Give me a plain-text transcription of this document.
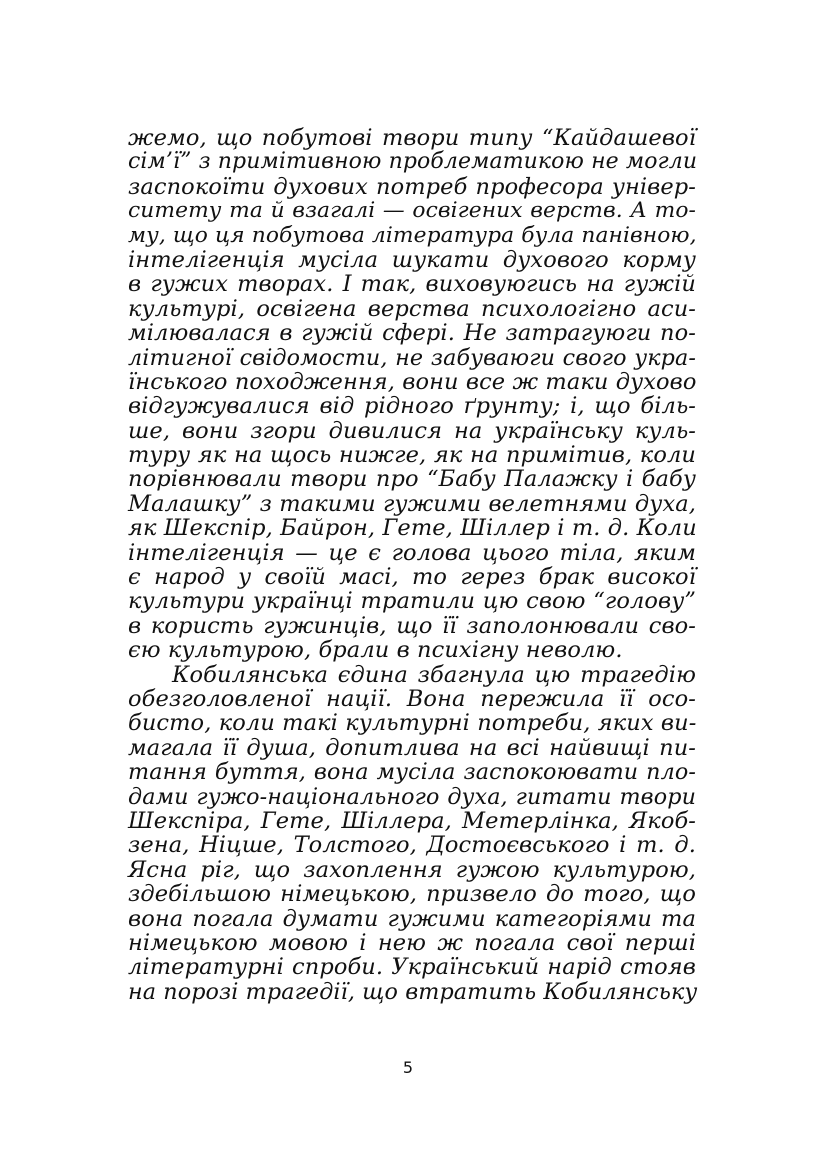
жемо, що побутові твори типу “Кайдашевої
сім’ї” з примітивною проблематикою не могли
заспокоїти духових потреб професора універ-
ситету та й взагалі — освігених верств. А то-
му, що ця побутова література була панівною,
інтелігенція мусіла шукати духового корму
в гужих творах. І так, виховуюгись на гужій
культурі, освігена верства психологігно аси-
мілювалася в гужій сфері. Не затрагуюги по-
літигної свідомости, не забуваюги свого укра-
їнського походження, вони все ж таки духово
відгужувалися від рідного ґрунту; і, що біль-
ше, вони згори дивилися на українську куль-
туру як на щось нижге, як на примітив, коли
порівнювали твори про “Бабу Палажку і бабу
Малашку” з такими гужими велетнями духа,
як Шекспір, Байрон, Гете, Шіллер і т. д. Коли
інтелігенція — це є голова цього тіла, яким
є народ у своїй масі, то герез брак високої
культури українці тратили цю свою “голову”
в користь гужинців, що її заполонювали сво-
єю культурою, брали в психігну неволю.
Кобилянська єдина збагнула цю трагедію
обезголовленої нації. Вона пережила її осо-
бисто, коли такі культурні потреби, яких ви-
магала її душа, допитлива на всі найвищі пи-
тання буття, вона мусіла заспокоювати пло-
дами гужо-національного духа, гитати твори
Шекспіра, Гете, Шіллера, Метерлінка, Якоб-
зена, Ніцше, Толстого, Достоєвського і т. д.
Ясна ріг, що захоплення гужою культурою,
здебільшою німецькою, призвело до того, що
вона погала думати гужими категоріями та
німецькою мовою і нею ж погала свої перші
літературні спроби. Український нарід стояв
на порозі трагедії, що втратить Кобилянську
5
